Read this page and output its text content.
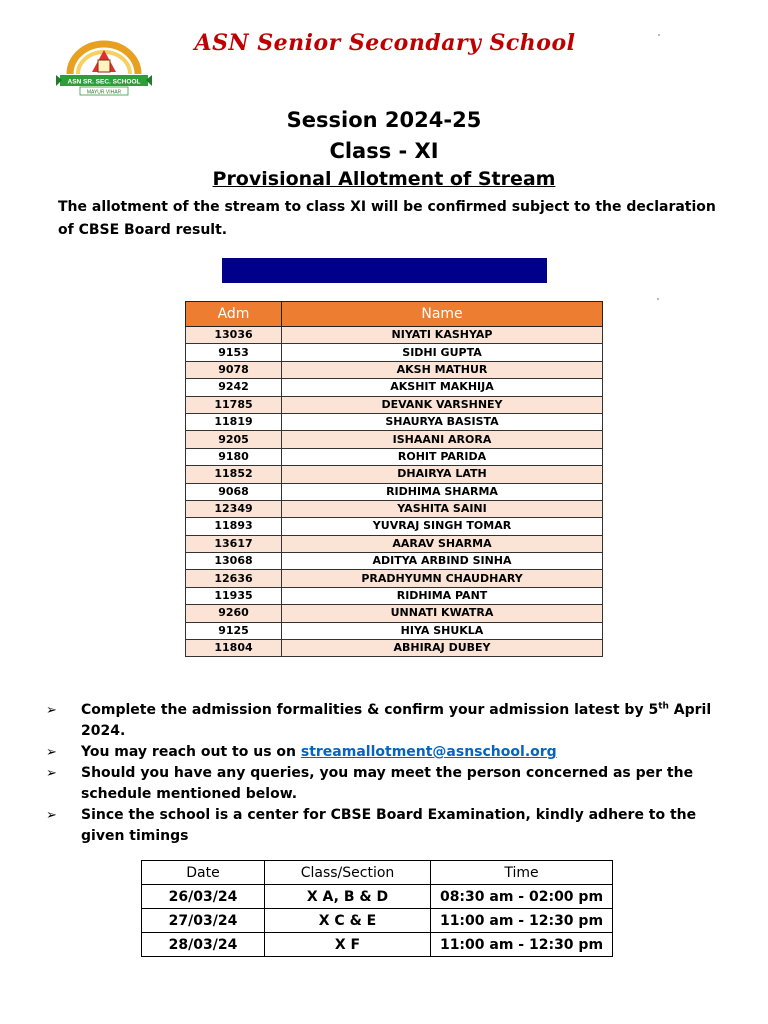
ASN SR. SEC. SCHOOL
MAYUR VIHAR
ASN Senior Secondary School
Session 2024-25
Class - XI
Provisional Allotment of Stream

The allotment of the stream to class XI will be confirmed subject to the declaration of CBSE Board result.

Adm	Name
13036	NIYATI KASHYAP
9153	SIDHI GUPTA
9078	AKSH MATHUR
9242	AKSHIT MAKHIJA
11785	DEVANK VARSHNEY
11819	SHAURYA BASISTA
9205	ISHAANI ARORA
9180	ROHIT PARIDA
11852	DHAIRYA LATH
9068	RIDHIMA SHARMA
12349	YASHITA SAINI
11893	YUVRAJ SINGH TOMAR
13617	AARAV SHARMA
13068	ADITYA ARBIND SINHA
12636	PRADHYUMN CHAUDHARY
11935	RIDHIMA PANT
9260	UNNATI KWATRA
9125	HIYA SHUKLA
11804	ABHIRAJ DUBEY
➢ Complete the admission formalities & confirm your admission latest by 5th April 2024.
➢ You may reach out to us on streamallotment@asnschool.org
➢ Should you have any queries, you may meet the person concerned as per the schedule mentioned below.
➢ Since the school is a center for CBSE Board Examination, kindly adhere to the given timings
Date	Class/Section	Time
26/03/24	X A, B & D	08:30 am - 02:00 pm
27/03/24	X C & E	11:00 am - 12:30 pm
28/03/24	X F	11:00 am - 12:30 pm
